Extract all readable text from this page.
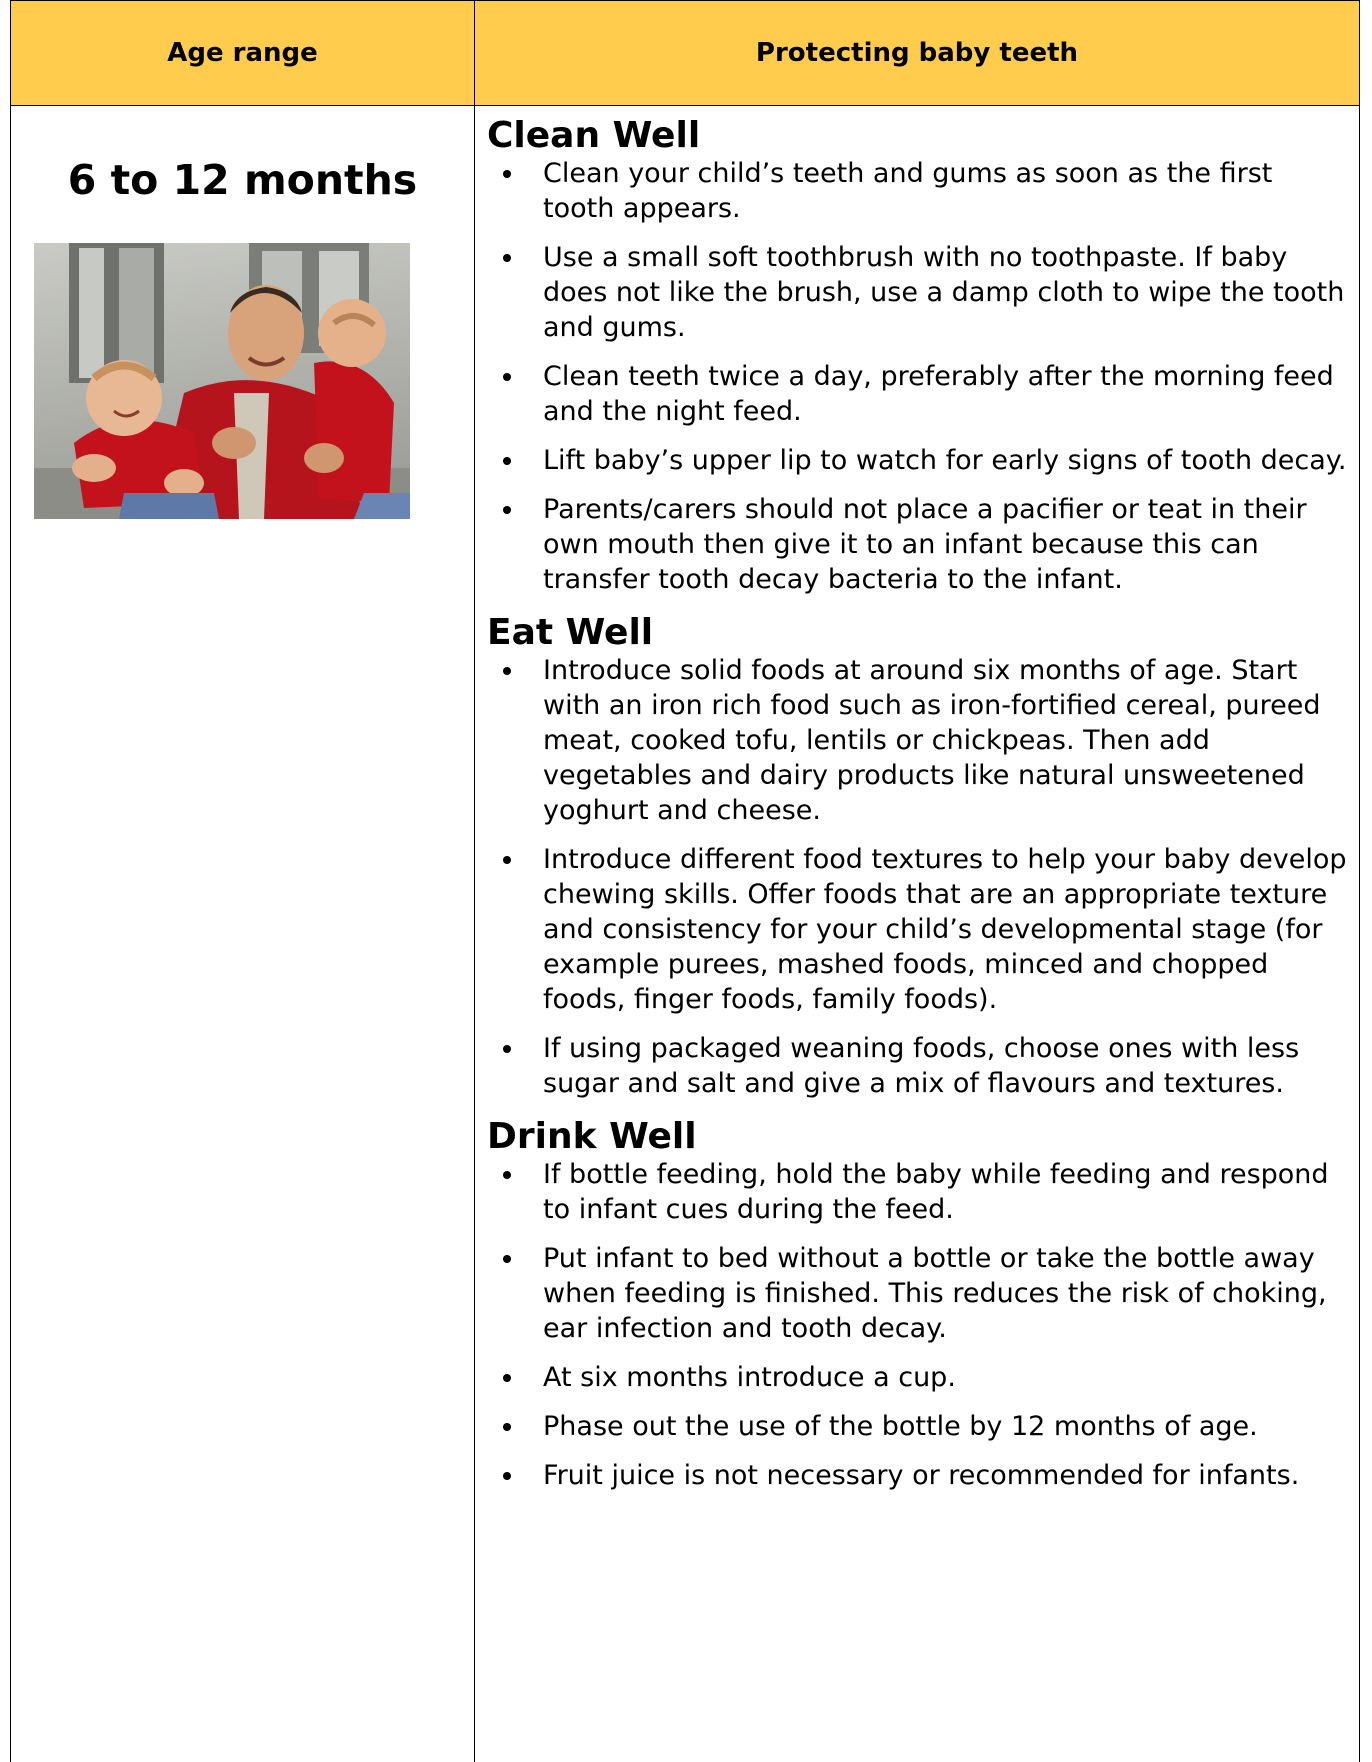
Age range	Protecting baby teeth
6 to 12 months
Clean Well
Clean your child’s teeth and gums as soon as the first tooth appears.
Use a small soft toothbrush with no toothpaste. If baby does not like the brush, use a damp cloth to wipe the tooth and gums.
Clean teeth twice a day, preferably after the morning feed and the night feed.
Lift baby’s upper lip to watch for early signs of tooth decay.
Parents/carers should not place a pacifier or teat in their own mouth then give it to an infant because this can transfer tooth decay bacteria to the infant.
Eat Well
Introduce solid foods at around six months of age. Start with an iron rich food such as iron-fortified cereal, pureed meat, cooked tofu, lentils or chickpeas. Then add vegetables and dairy products like natural unsweetened yoghurt and cheese.
Introduce different food textures to help your baby develop chewing skills. Offer foods that are an appropriate texture and consistency for your child’s developmental stage (for example purees, mashed foods, minced and chopped foods, finger foods, family foods).
If using packaged weaning foods, choose ones with less sugar and salt and give a mix of flavours and textures.
Drink Well
If bottle feeding, hold the baby while feeding and respond to infant cues during the feed.
Put infant to bed without a bottle or take the bottle away when feeding is finished. This reduces the risk of choking, ear infection and tooth decay.
At six months introduce a cup.
Phase out the use of the bottle by 12 months of age.
Fruit juice is not necessary or recommended for infants.
